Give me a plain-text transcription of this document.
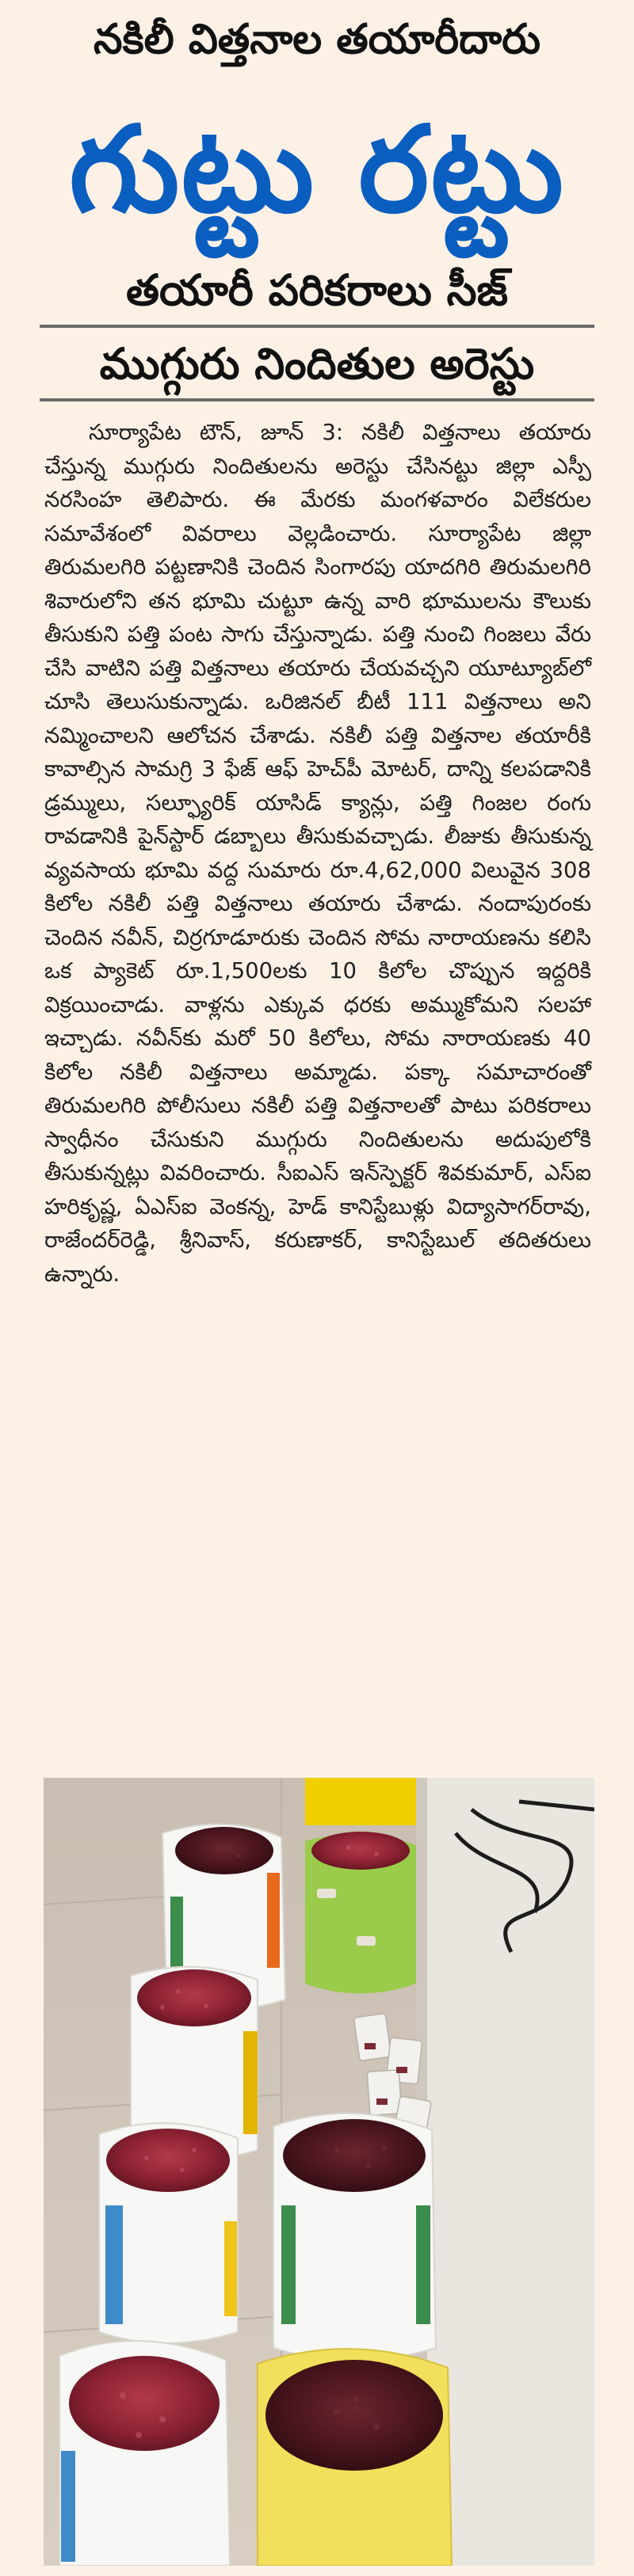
నకిలీ విత్తనాల తయారీదారు
గుట్టు రట్టు
తయారీ పరికరాలు సీజ్
ముగ్గురు నిందితుల అరెస్టు
సూర్యాపేట టౌన్, జూన్ 3: నకిలీ విత్తనాలు తయారు చేస్తున్న ముగ్గురు నిందితులను అరెస్టు చేసినట్టు జిల్లా ఎస్పీ నరసింహ తెలిపారు. ఈ మేరకు మంగళవారం విలేకరుల సమావేశంలో వివరాలు వెల్లడించారు. సూర్యాపేట జిల్లా తిరుమలగిరి పట్టణానికి చెందిన సింగారపు యాదగిరి తిరుమలగిరి శివారులోని తన భూమి చుట్టూ ఉన్న వారి భూములను కౌలుకు తీసుకుని పత్తి పంట సాగు చేస్తున్నాడు. పత్తి నుంచి గింజలు వేరు చేసి వాటిని పత్తి విత్తనాలు తయారు చేయవచ్చని యూట్యూబ్‌లో చూసి తెలుసుకున్నాడు. ఒరిజినల్ బీటీ 111 విత్తనాలు అని నమ్మించాలని ఆలోచన చేశాడు. నకిలీ పత్తి విత్తనాల తయారీకి కావాల్సిన సామగ్రి 3 ఫేజ్ ఆఫ్ హెచ్‌పీ మోటర్, దాన్ని కలపడానికి డ్రమ్ములు, సల్ఫ్యూరిక్ యాసిడ్ క్యాన్లు, పత్తి గింజల రంగు రావడానికి పైన్‌స్టార్ డబ్బాలు తీసుకువచ్చాడు. లీజుకు తీసుకున్న వ్యవసాయ భూమి వద్ద సుమారు రూ.4,62,000 విలువైన 308 కిలోల నకిలీ పత్తి విత్తనాలు తయారు చేశాడు. నందాపురంకు చెందిన నవీన్, చిర్రగూడూరుకు చెందిన సోమ నారాయణను కలిసి ఒక ప్యాకెట్ రూ.1,500లకు 10 కిలోల చొప్పున ఇద్దరికి విక్రయించాడు. వాళ్లను ఎక్కువ ధరకు అమ్ముకోమని సలహా ఇచ్చాడు. నవీన్‌కు మరో 50 కిలోలు, సోమ నారాయణకు 40 కిలోల నకిలీ విత్తనాలు అమ్మాడు. పక్కా సమాచారంతో తిరుమలగిరి పోలీసులు నకిలీ పత్తి విత్తనాలతో పాటు పరికరాలు స్వాధీనం చేసుకుని ముగ్గురు నిందితులను అదుపులోకి తీసుకున్నట్లు వివరించారు. సీఐఎస్ ఇన్‌స్పెక్టర్ శివకుమార్, ఎస్ఐ హరికృష్ణ, ఏఎస్ఐ వెంకన్న, హెడ్ కానిస్టేబుళ్లు విద్యాసాగర్‌రావు, రాజేందర్‌రెడ్డి, శ్రీనివాస్, కరుణాకర్, కానిస్టేబుల్ తదితరులు ఉన్నారు.
